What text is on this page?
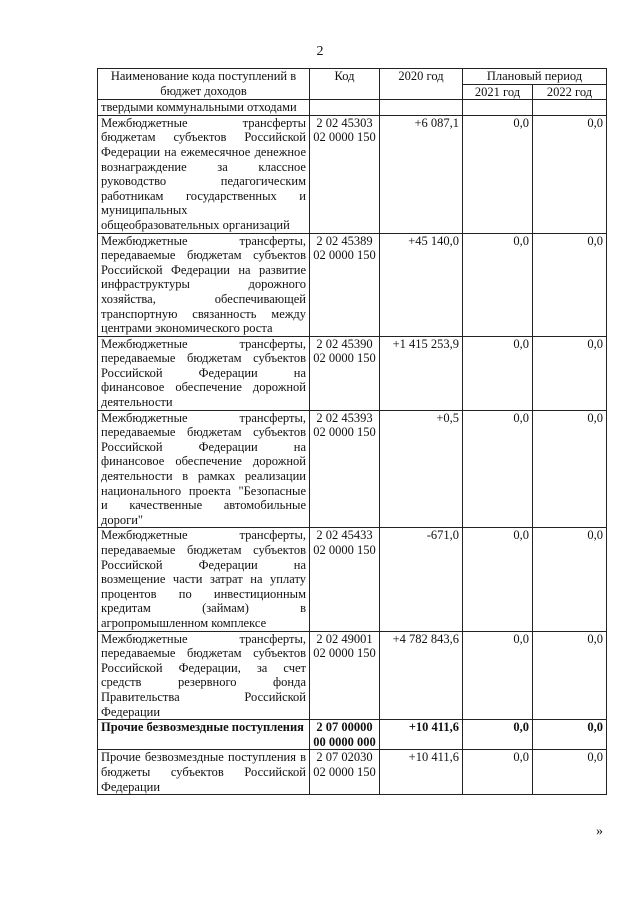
2
Наименование кода поступлений в бюджет доходов	Код	2020 год	Плановый период	
			2021 год	2022 год
твердыми коммунальными отходами				
Межбюджетные трансферты бюджетам субъектов Российской Федерации на ежемесячное денежное вознаграждение за классное руководство педагогическим работникам государственных и муниципальных общеобразовательных организаций	2 02 45303 02 0000 150	+6 087,1	0,0	0,0
Межбюджетные трансферты, передаваемые бюджетам субъектов Российской Федерации на развитие инфраструктуры дорожного хозяйства, обеспечивающей транспортную связанность между центрами экономического роста	2 02 45389 02 0000 150	+45 140,0	0,0	0,0
Межбюджетные трансферты, передаваемые бюджетам субъектов Российской Федерации на финансовое обеспечение дорожной деятельности	2 02 45390 02 0000 150	+1 415 253,9	0,0	0,0
Межбюджетные трансферты, передаваемые бюджетам субъектов Российской Федерации на финансовое обеспечение дорожной деятельности в рамках реализации национального проекта "Безопасные и качественные автомобильные дороги"	2 02 45393 02 0000 150	+0,5	0,0	0,0
Межбюджетные трансферты, передаваемые бюджетам субъектов Российской Федерации на возмещение части затрат на уплату процентов по инвестиционным кредитам (займам) в агропромышленном комплексе	2 02 45433 02 0000 150	-671,0	0,0	0,0
Межбюджетные трансферты, передаваемые бюджетам субъектов Российской Федерации, за счет средств резервного фонда Правительства Российской Федерации	2 02 49001 02 0000 150	+4 782 843,6	0,0	0,0
Прочие безвозмездные поступления	2 07 00000 00 0000 000	+10 411,6	0,0	0,0
Прочие безвозмездные поступления в бюджеты субъектов Российской Федерации	2 07 02030 02 0000 150	+10 411,6	0,0	0,0
»
